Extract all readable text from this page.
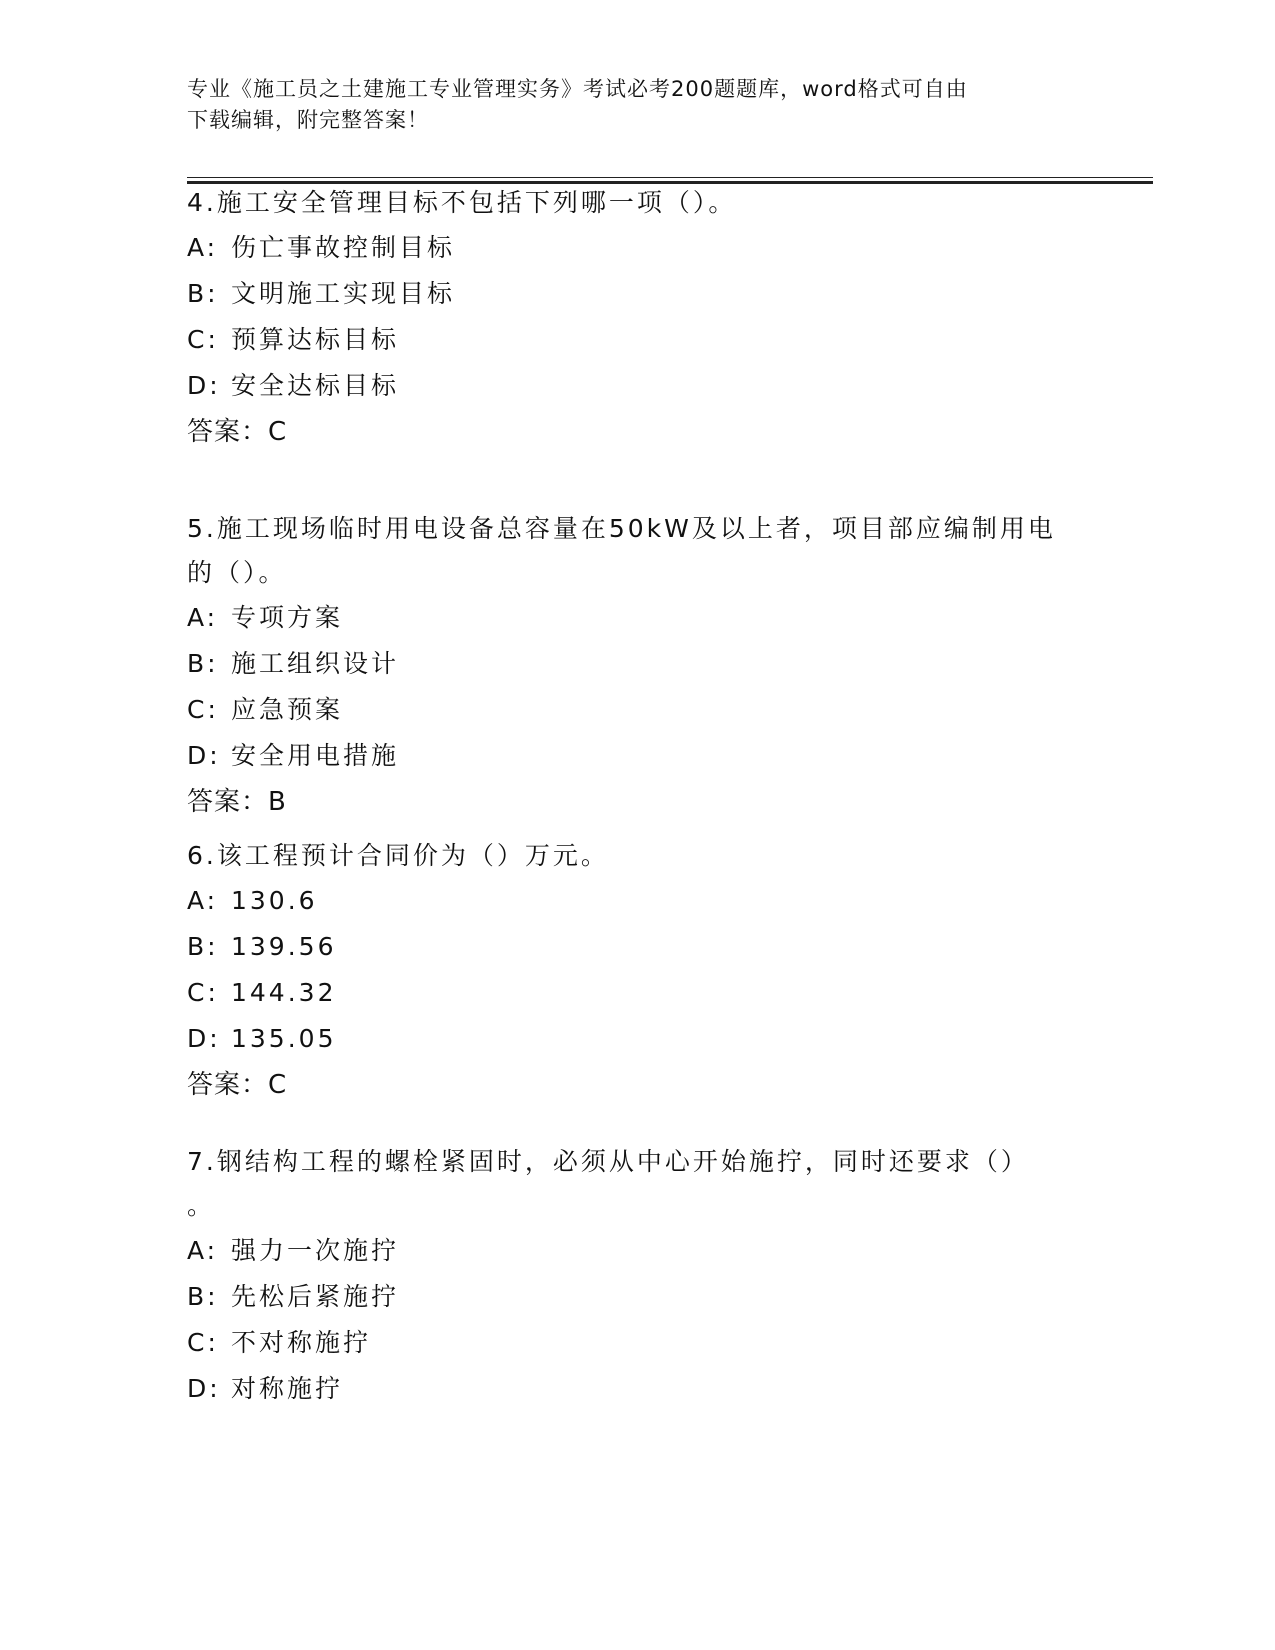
专业《施工员之土建施工专业管理实务》考试必考200题题库，word格式可自由
下载编辑，附完整答案！
4.施工安全管理目标不包括下列哪一项（）。
A: 伤亡事故控制目标
B: 文明施工实现目标
C: 预算达标目标
D: 安全达标目标
答案：C
5.施工现场临时用电设备总容量在50kW及以上者，项目部应编制用电
的（）。
A: 专项方案
B: 施工组织设计
C: 应急预案
D: 安全用电措施
答案：B
6.该工程预计合同价为（）万元。
A: 130.6
B: 139.56
C: 144.32
D: 135.05
答案：C
7.钢结构工程的螺栓紧固时，必须从中心开始施拧，同时还要求（）
。
A: 强力一次施拧
B: 先松后紧施拧
C: 不对称施拧
D: 对称施拧
